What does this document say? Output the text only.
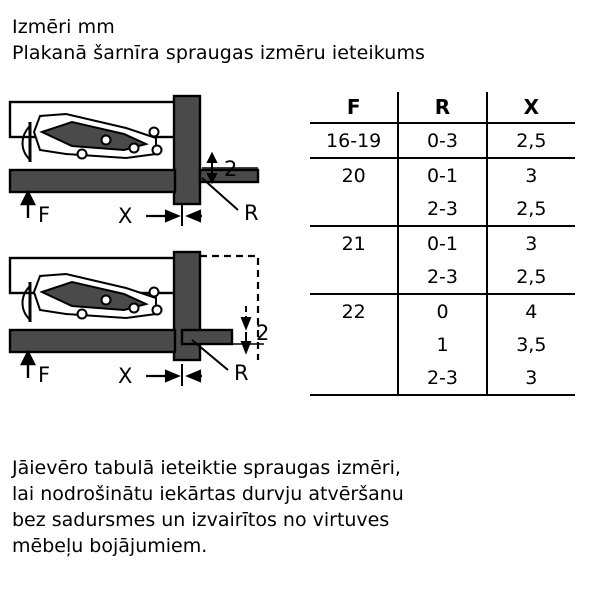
Izmēri mm
Plakanā šarnīra spraugas izmēru ieteikums
2
F	X	R
2
F	X	R
F	R	X
16-19	0-3	2,5
20	0-1	3
	2-3	2,5
21	0-1	3
	2-3	2,5
22	0	4
	1	3,5
	2-3	3
Jāievēro tabulā ieteiktie spraugas izmēri,
lai nodrošinātu iekārtas durvju atvēršanu
bez sadursmes un izvairītos no virtuves
mēbeļu bojājumiem.
